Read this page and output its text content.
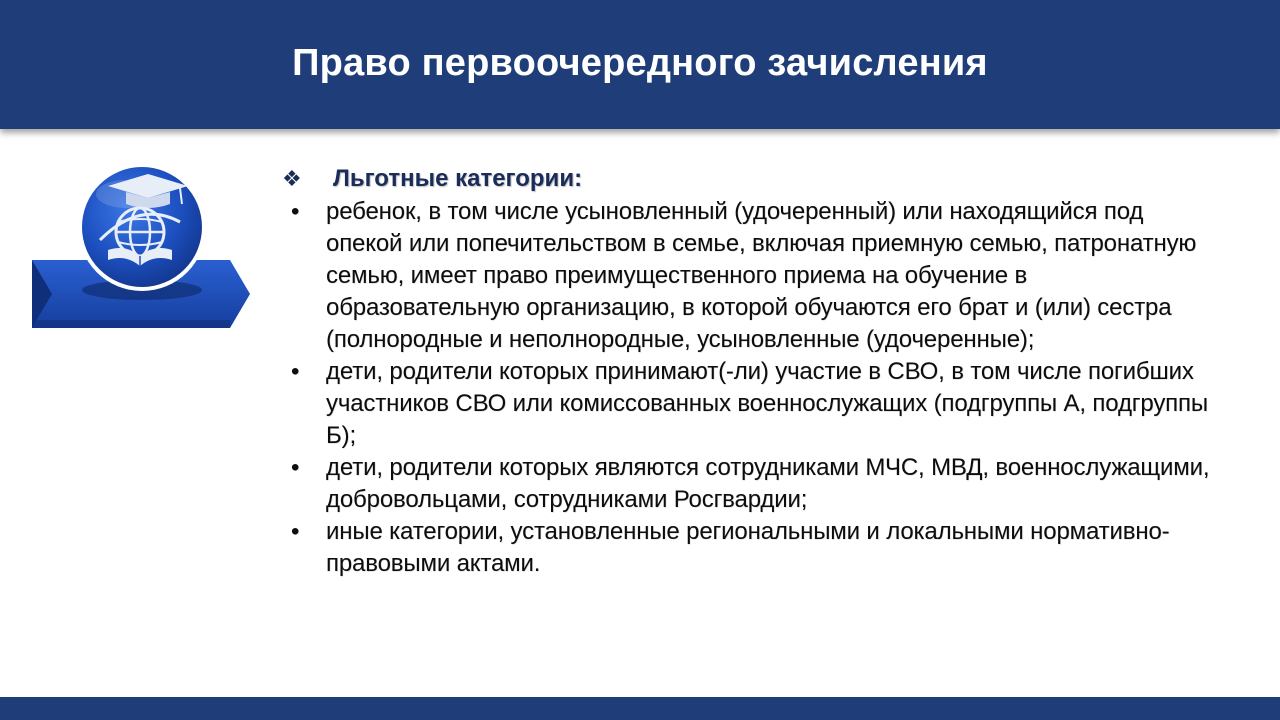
Право первоочередного зачисления
❖ Льготные категории:
• ребенок, в том числе усыновленный (удочеренный) или находящийся под опекой или попечительством в семье, включая приемную семью, патронатную семью, имеет право преимущественного приема на обучение в образовательную организацию, в которой обучаются его брат и (или) сестра (полнородные и неполнородные, усыновленные (удочеренные);
• дети, родители которых принимают(-ли) участие в СВО, в том числе погибших участников СВО или комиссованных военнослужащих (подгруппы А, подгруппы Б);
• дети, родители которых являются сотрудниками МЧС, МВД, военнослужащими, добровольцами, сотрудниками Росгвардии;
• иные категории, установленные региональными и локальными нормативно-правовыми актами.
